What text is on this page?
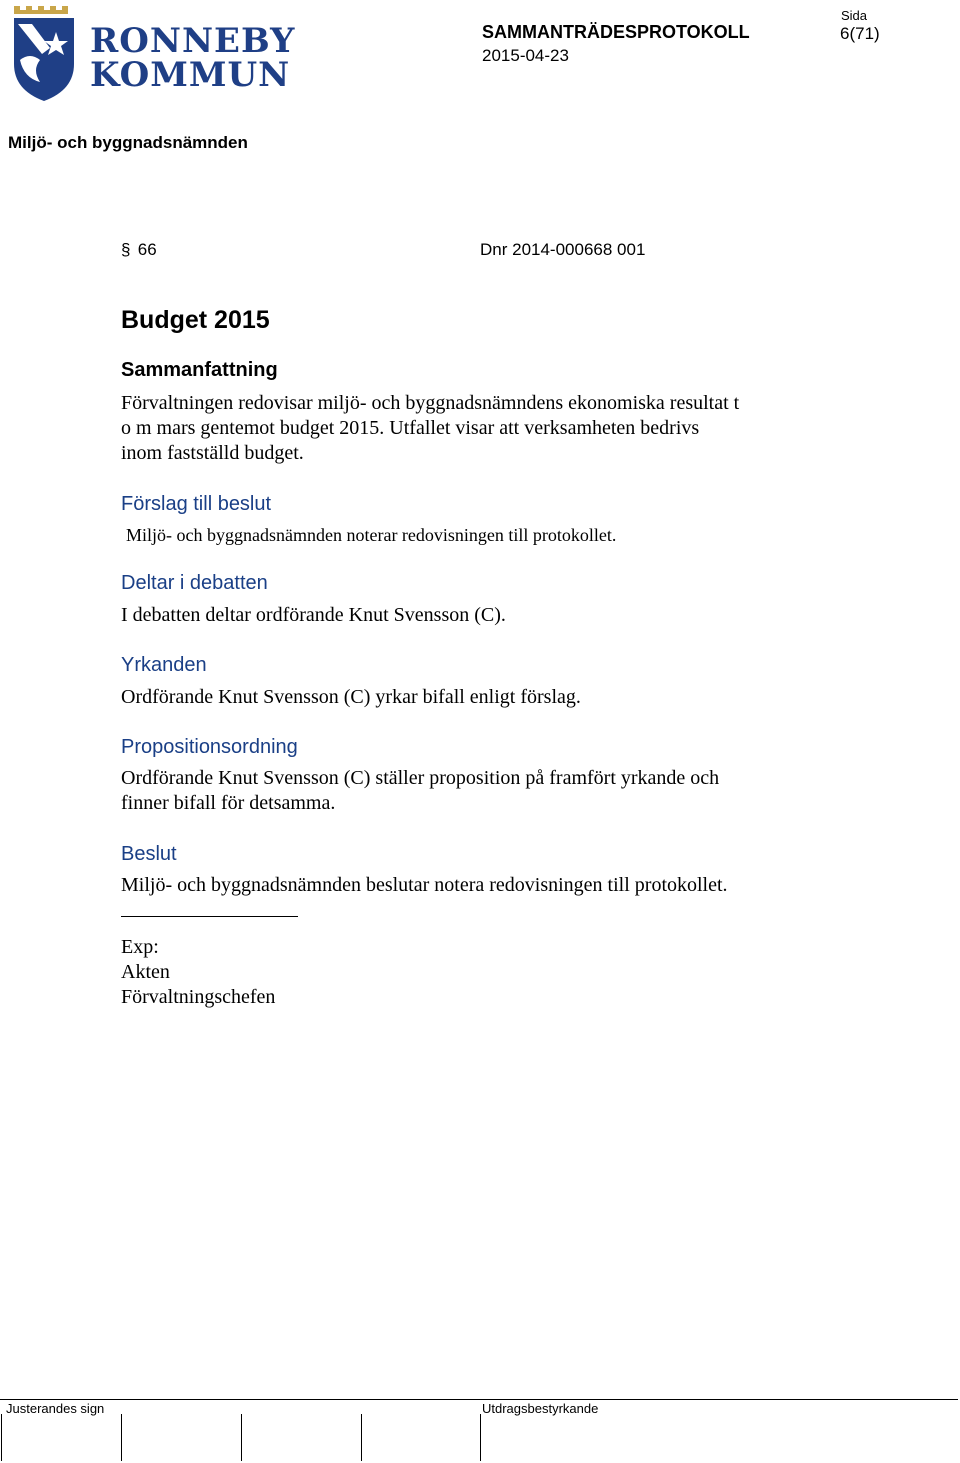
RONNEBY
KOMMUN
SAMMANTRÄDESPROTOKOLL
2015-04-23
Sida
6(71)
Miljö- och byggnadsnämnden
§ 66	Dnr 2014-000668 001
Budget 2015
Sammanfattning
Förvaltningen redovisar miljö- och byggnadsnämndens ekonomiska resultat t
o m mars gentemot budget 2015. Utfallet visar att verksamheten bedrivs
inom fastställd budget.
Förslag till beslut
Miljö- och byggnadsnämnden noterar redovisningen till protokollet.
Deltar i debatten
I debatten deltar ordförande Knut Svensson (C).
Yrkanden
Ordförande Knut Svensson (C) yrkar bifall enligt förslag.
Propositionsordning
Ordförande Knut Svensson (C) ställer proposition på framfört yrkande och
finner bifall för detsamma.
Beslut
Miljö- och byggnadsnämnden beslutar notera redovisningen till protokollet.
Exp:
Akten
Förvaltningschefen
Justerandes sign	Utdragsbestyrkande
